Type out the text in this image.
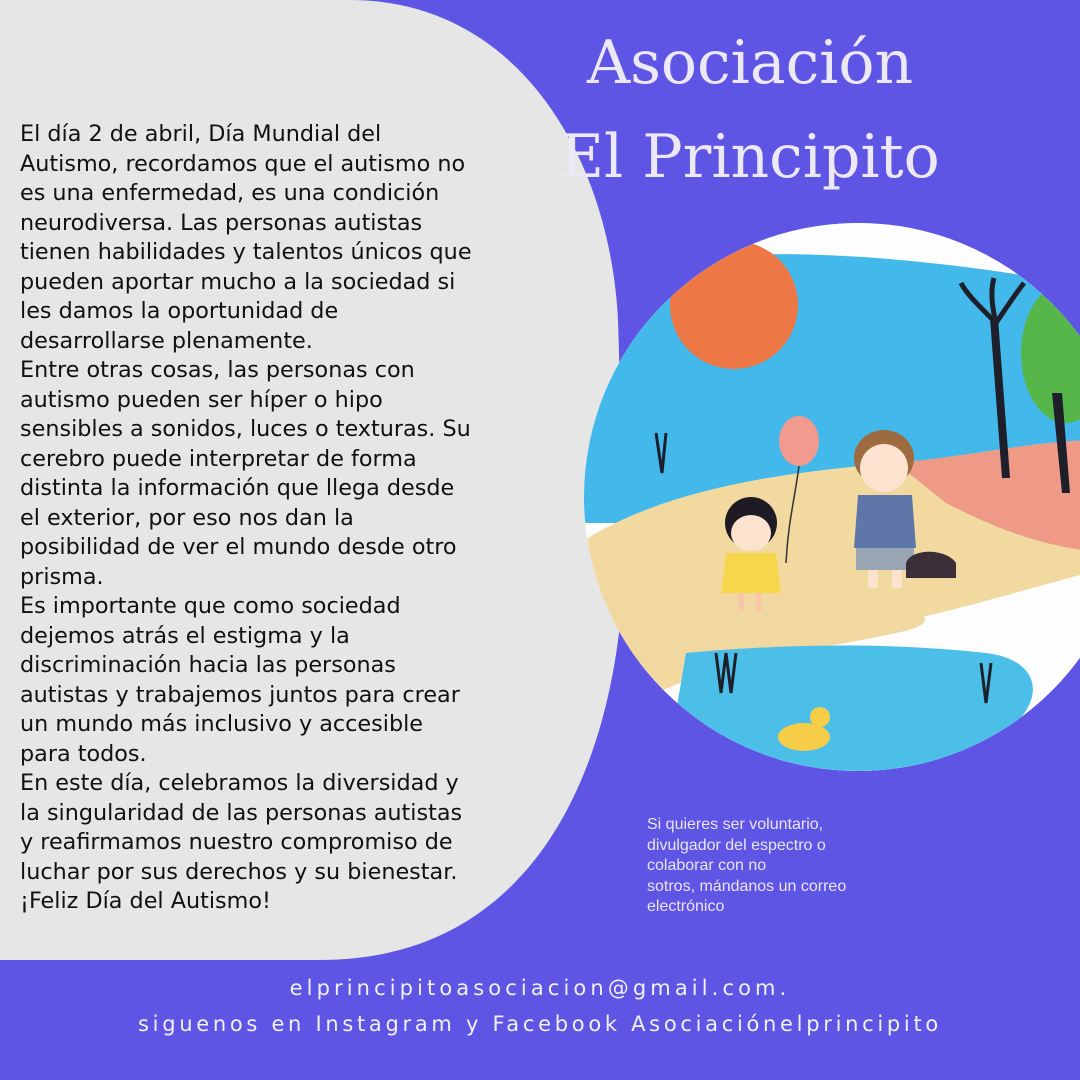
Asociación
El Principito

El día 2 de abril, Día Mundial del
Autismo, recordamos que el autismo no
es una enfermedad, es una condición
neurodiversa. Las personas autistas
tienen habilidades y talentos únicos que
pueden aportar mucho a la sociedad si
les damos la oportunidad de
desarrollarse plenamente.

Entre otras cosas, las personas con
autismo pueden ser híper o hipo
sensibles a sonidos, luces o texturas. Su
cerebro puede interpretar de forma
distinta la información que llega desde
el exterior, por eso nos dan la
posibilidad de ver el mundo desde otro
prisma.

Es importante que como sociedad
dejemos atrás el estigma y la
discriminación hacia las personas
autistas y trabajemos juntos para crear
un mundo más inclusivo y accesible
para todos.

En este día, celebramos la diversidad y
la singularidad de las personas autistas
y reafirmamos nuestro compromiso de
luchar por sus derechos y su bienestar.
¡Feliz Día del Autismo!

Si quieres ser voluntario,
divulgador del espectro o
colaborar con no
sotros, mándanos un correo
electrónico
elprincipitoasociacion@gmail.com.
siguenos en Instagram y Facebook Asociaciónelprincipito
